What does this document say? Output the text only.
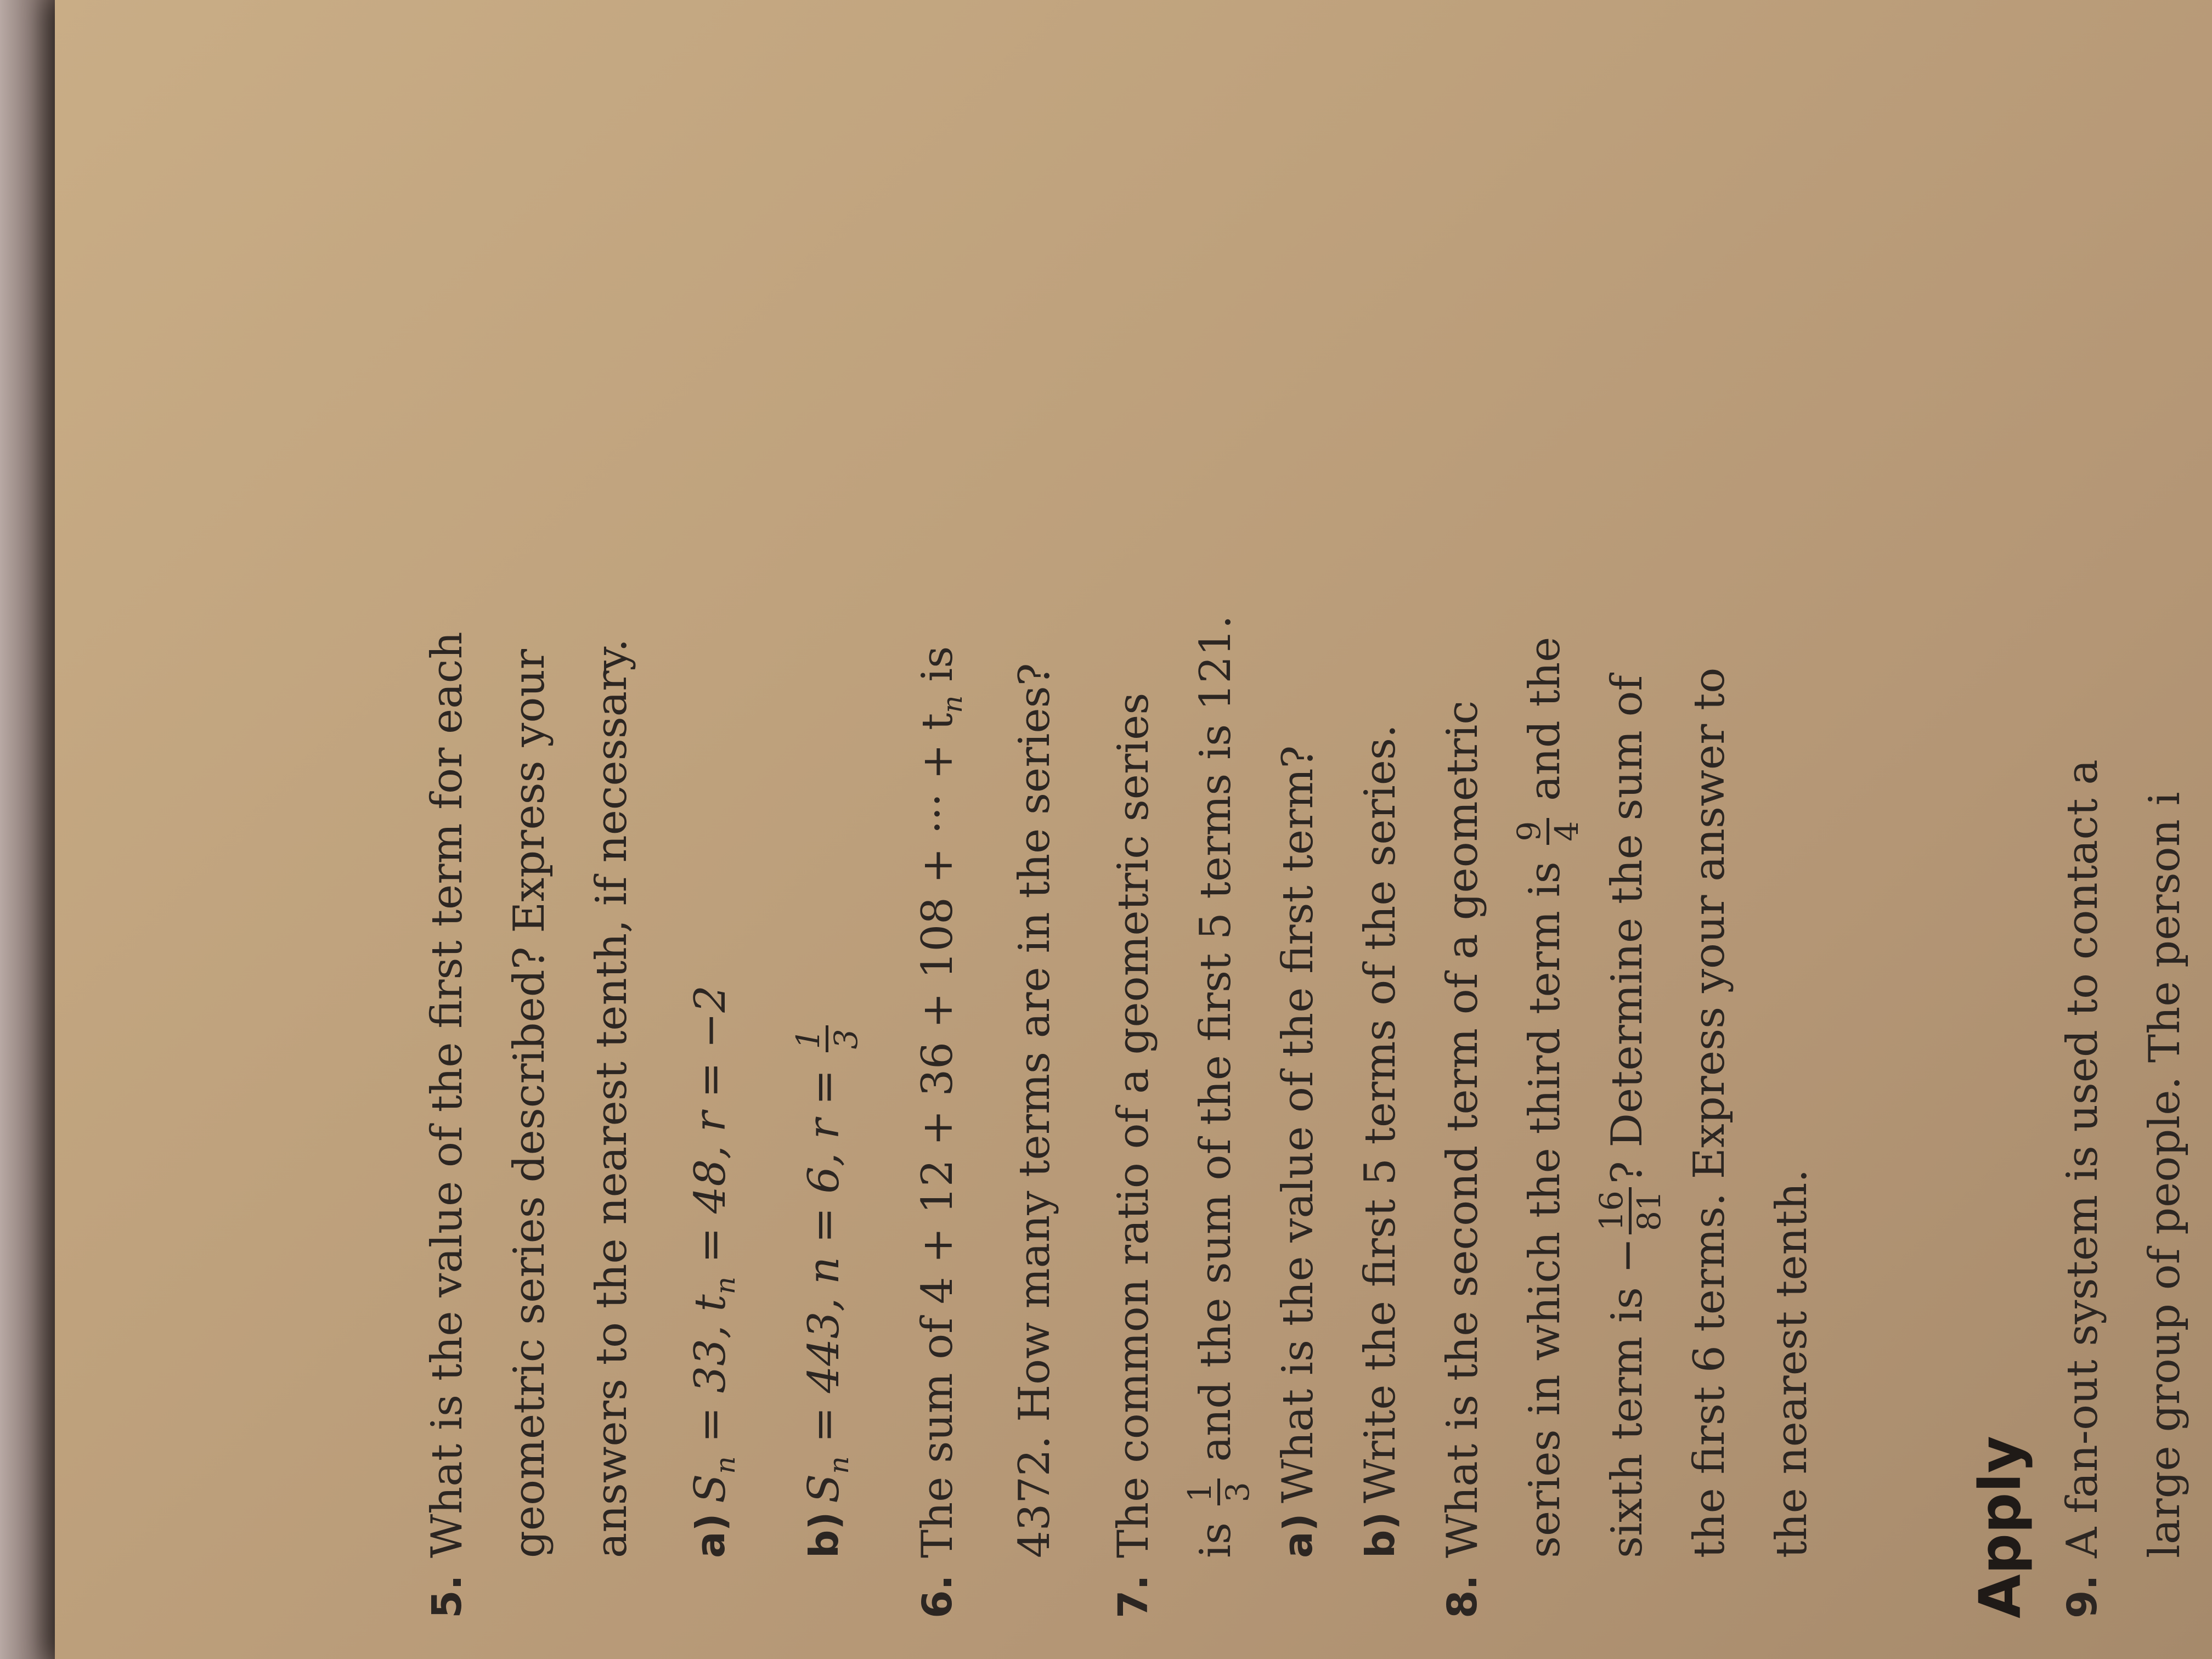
5.
What is the value of the first term for each geometric series described? Express your answers to the nearest tenth, if necessary.	a)
$S_n = 33$, $t_n = 48$, r = −2
b)
$S_n = 443$, n = 6, r =
1 3
6.
The sum of 4 + 12 + 36 + 108 + ··· + $t_n$ is	4372. How many terms are in the series?
7.
The common ratio of a geometric series is
1 3
and the sum of the first 5 terms is 121.
a)
What is the value of the first term?
b)
Write the first 5 terms of the series.
8.
What is the second term of a geometric series in which the third term is
9 4
and the
sixth term is −
16 81
? Determine the sum of the first 6 terms. Express your answer to the nearest tenth.	Apply 9.
A fan-out system is used to contact a large group of people. The person i
